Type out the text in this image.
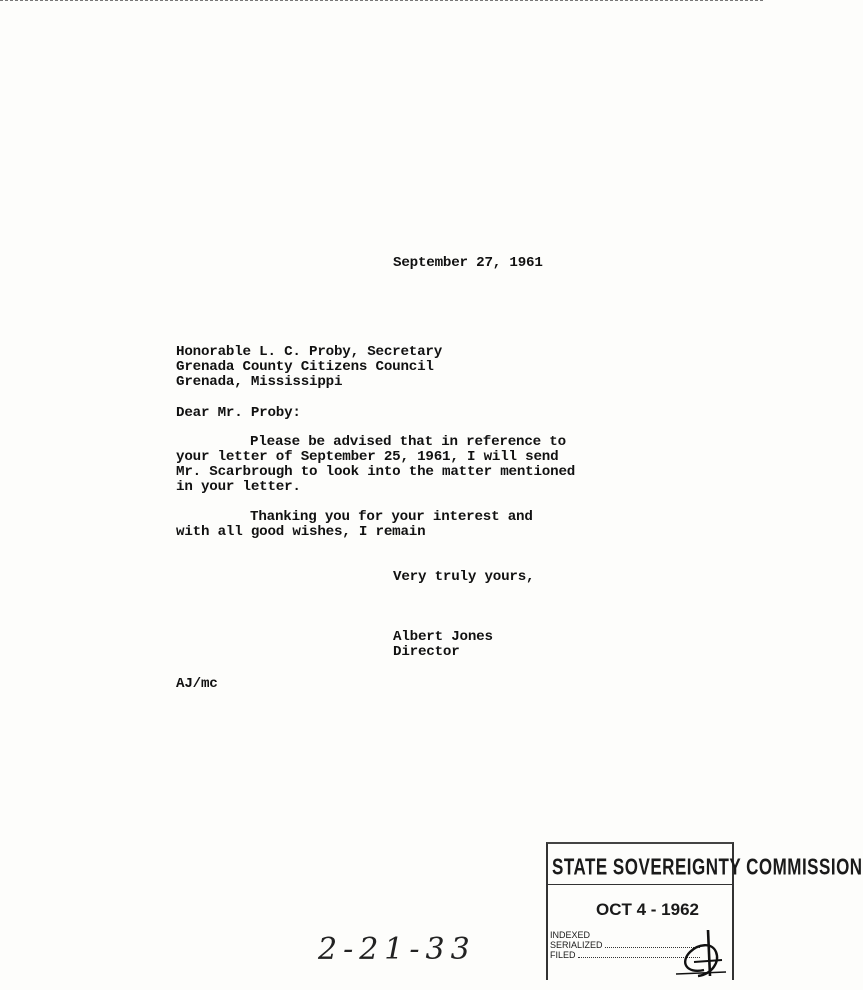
September 27, 1961
Honorable L. C. Proby, Secretary
Grenada County Citizens Council
Grenada, Mississippi
Dear Mr. Proby:
Please be advised that in reference to
your letter of September 25, 1961, I will send
Mr. Scarbrough to look into the matter mentioned
in your letter.
Thanking you for your interest and
with all good wishes, I remain
Very truly yours,
Albert Jones
Director
AJ/mc
STATE SOVEREIGNTY COMMISSION
OCT 4 - 1962
INDEXED
SERIALIZED
FILED
2-21-33
